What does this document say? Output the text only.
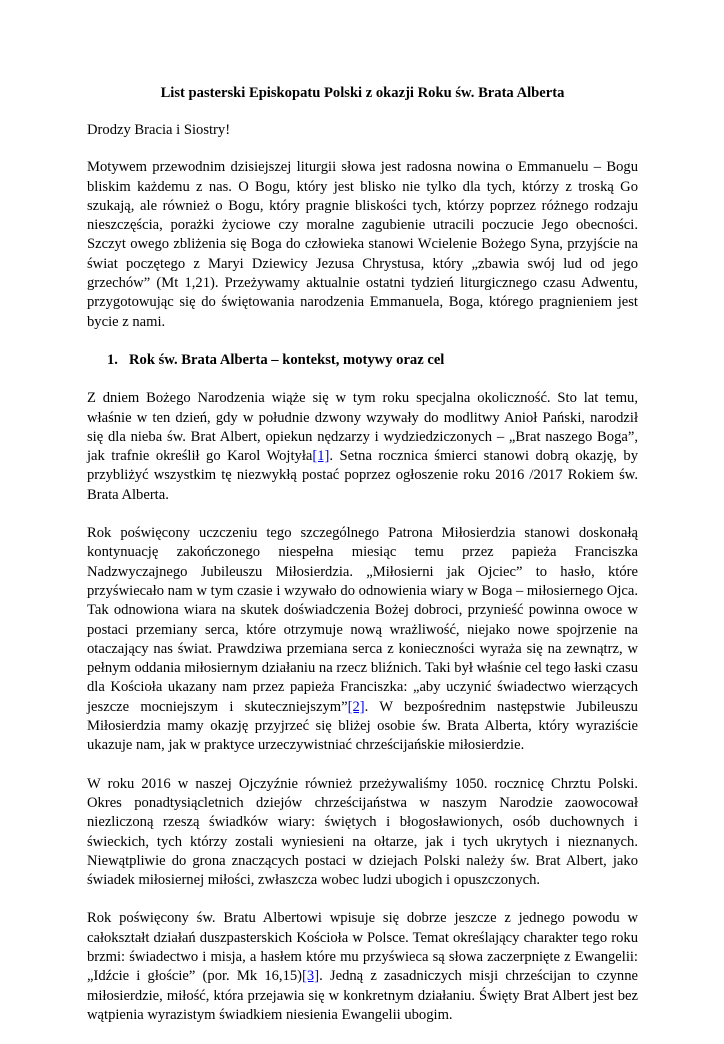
List pasterski Episkopatu Polski z okazji Roku św. Brata Alberta
Drodzy Bracia i Siostry!

Motywem przewodnim dzisiejszej liturgii słowa jest radosna nowina o Emmanuelu – Bogu bliskim każdemu z nas. O Bogu, który jest blisko nie tylko dla tych, którzy z troską Go szukają, ale również o Bogu, który pragnie bliskości tych, którzy poprzez różnego rodzaju nieszczęścia, porażki życiowe czy moralne zagubienie utracili poczucie Jego obecności. Szczyt owego zbliżenia się Boga do człowieka stanowi Wcielenie Bożego Syna, przyjście na świat poczętego z Maryi Dziewicy Jezusa Chrystusa, który „zbawia swój lud od jego grzechów” (Mt 1,21). Przeżywamy aktualnie ostatni tydzień liturgicznego czasu Adwentu, przygotowując się do świętowania narodzenia Emmanuela, Boga, którego pragnieniem jest bycie z nami.

1. Rok św. Brata Alberta – kontekst, motywy oraz cel

Z dniem Bożego Narodzenia wiąże się w tym roku specjalna okoliczność. Sto lat temu, właśnie w ten dzień, gdy w południe dzwony wzywały do modlitwy Anioł Pański, narodził się dla nieba św. Brat Albert, opiekun nędzarzy i wydziedziczonych – „Brat naszego Boga”, jak trafnie określił go Karol Wojtyła[1]. Setna rocznica śmierci stanowi dobrą okazję, by przybliżyć wszystkim tę niezwykłą postać poprzez ogłoszenie roku 2016 /2017 Rokiem św. Brata Alberta.

Rok poświęcony uczczeniu tego szczególnego Patrona Miłosierdzia stanowi doskonałą kontynuację zakończonego niespełna miesiąc temu przez papieża Franciszka Nadzwyczajnego Jubileuszu Miłosierdzia. „Miłosierni jak Ojciec” to hasło, które przyświecało nam w tym czasie i wzywało do odnowienia wiary w Boga – miłosiernego Ojca. Tak odnowiona wiara na skutek doświadczenia Bożej dobroci, przynieść powinna owoce w postaci przemiany serca, które otrzymuje nową wrażliwość, niejako nowe spojrzenie na otaczający nas świat. Prawdziwa przemiana serca z konieczności wyraża się na zewnątrz, w pełnym oddania miłosiernym działaniu na rzecz bliźnich. Taki był właśnie cel tego łaski czasu dla Kościoła ukazany nam przez papieża Franciszka: „aby uczynić świadectwo wierzących jeszcze mocniejszym i skuteczniejszym”[2]. W bezpośrednim następstwie Jubileuszu Miłosierdzia mamy okazję przyjrzeć się bliżej osobie św. Brata Alberta, który wyraziście ukazuje nam, jak w praktyce urzeczywistniać chrześcijańskie miłosierdzie.

W roku 2016 w naszej Ojczyźnie również przeżywaliśmy 1050. rocznicę Chrztu Polski. Okres ponadtysiącletnich dziejów chrześcijaństwa w naszym Narodzie zaowocował niezliczoną rzeszą świadków wiary: świętych i błogosławionych, osób duchownych i świeckich, tych którzy zostali wyniesieni na ołtarze, jak i tych ukrytych i nieznanych. Niewątpliwie do grona znaczących postaci w dziejach Polski należy św. Brat Albert, jako świadek miłosiernej miłości, zwłaszcza wobec ludzi ubogich i opuszczonych.

Rok poświęcony św. Bratu Albertowi wpisuje się dobrze jeszcze z jednego powodu w całokształt działań duszpasterskich Kościoła w Polsce. Temat określający charakter tego roku brzmi: świadectwo i misja, a hasłem które mu przyświeca są słowa zaczerpnięte z Ewangelii: „Idźcie i głoście” (por. Mk 16,15)[3]. Jedną z zasadniczych misji chrześcijan to czynne miłosierdzie, miłość, która przejawia się w konkretnym działaniu. Święty Brat Albert jest bez wątpienia wyrazistym świadkiem niesienia Ewangelii ubogim.
